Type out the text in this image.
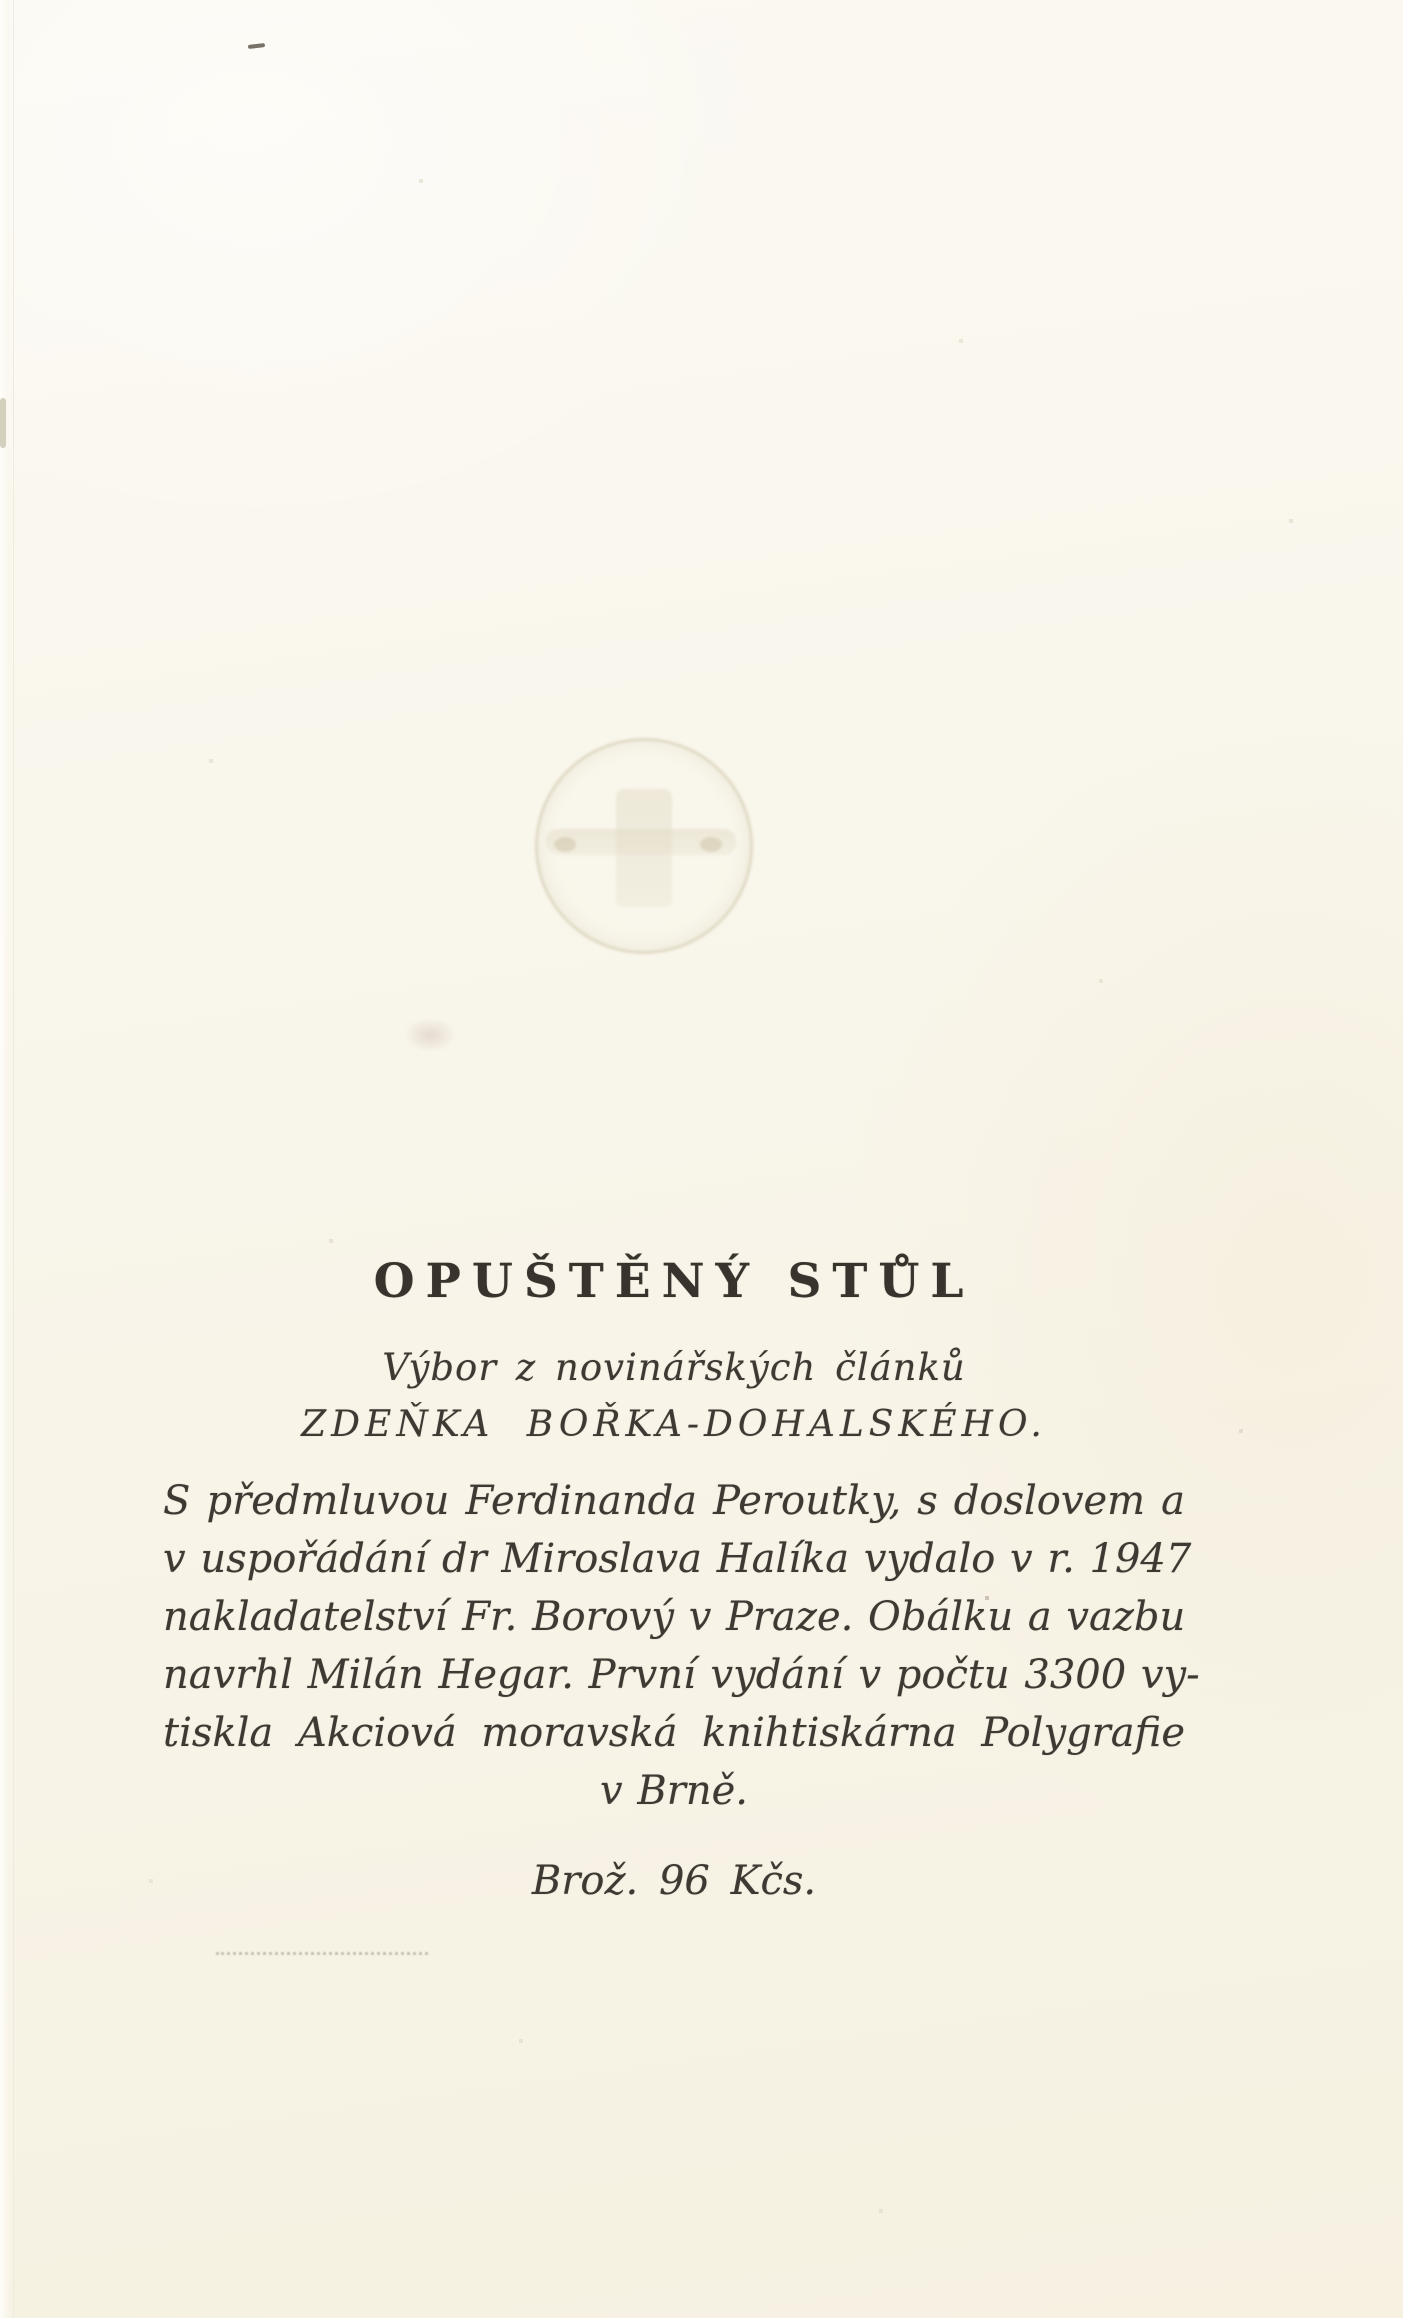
OPUŠTĚNÝ STŮL
Výbor z novinářských článků
ZDEŇKA BOŘKA-DOHALSKÉHO.
S předmluvou Ferdinanda Peroutky, s doslovem a
v uspořádání dr Miroslava Halíka vydalo v r. 1947
nakladatelství Fr. Borový v Praze. Obálku a vazbu
navrhl Milán Hegar. První vydání v počtu 3300 vy-
tiskla Akciová moravská knihtiskárna Polygrafie
v Brně.
Brož. 96 Kčs.
